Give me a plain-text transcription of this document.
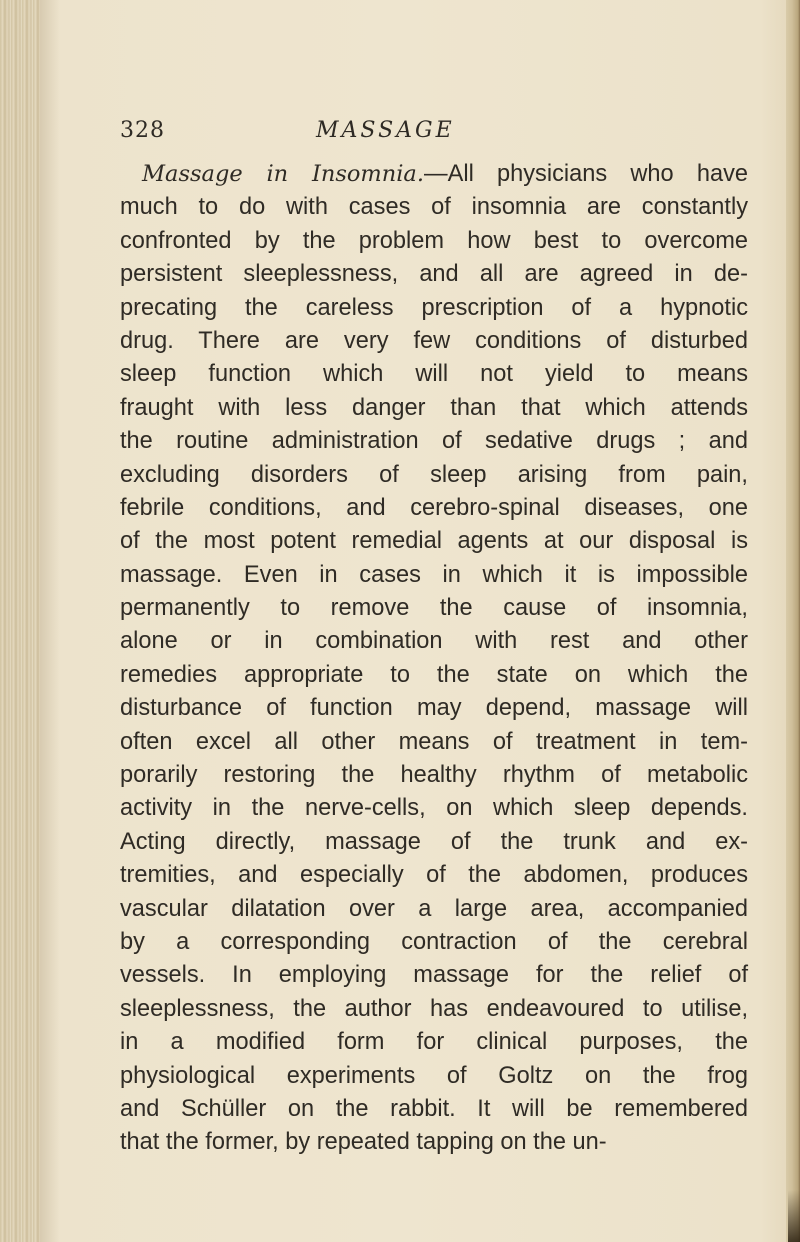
328	MASSAGE
Massage in Insomnia.—All physicians who have
much to do with cases of insomnia are constantly
confronted by the problem how best to overcome
persistent sleeplessness, and all are agreed in de-
precating the careless prescription of a hypnotic
drug. There are very few conditions of disturbed
sleep function which will not yield to means
fraught with less danger than that which attends
the routine administration of sedative drugs ; and
excluding disorders of sleep arising from pain,
febrile conditions, and cerebro-spinal diseases, one
of the most potent remedial agents at our disposal is
massage. Even in cases in which it is impossible
permanently to remove the cause of insomnia,
alone or in combination with rest and other
remedies appropriate to the state on which the
disturbance of function may depend, massage will
often excel all other means of treatment in tem-
porarily restoring the healthy rhythm of metabolic
activity in the nerve-cells, on which sleep depends.
Acting directly, massage of the trunk and ex-
tremities, and especially of the abdomen, produces
vascular dilatation over a large area, accompanied
by a corresponding contraction of the cerebral
vessels. In employing massage for the relief of
sleeplessness, the author has endeavoured to utilise,
in a modified form for clinical purposes, the
physiological experiments of Goltz on the frog
and Schüller on the rabbit. It will be remembered
that the former, by repeated tapping on the un-
